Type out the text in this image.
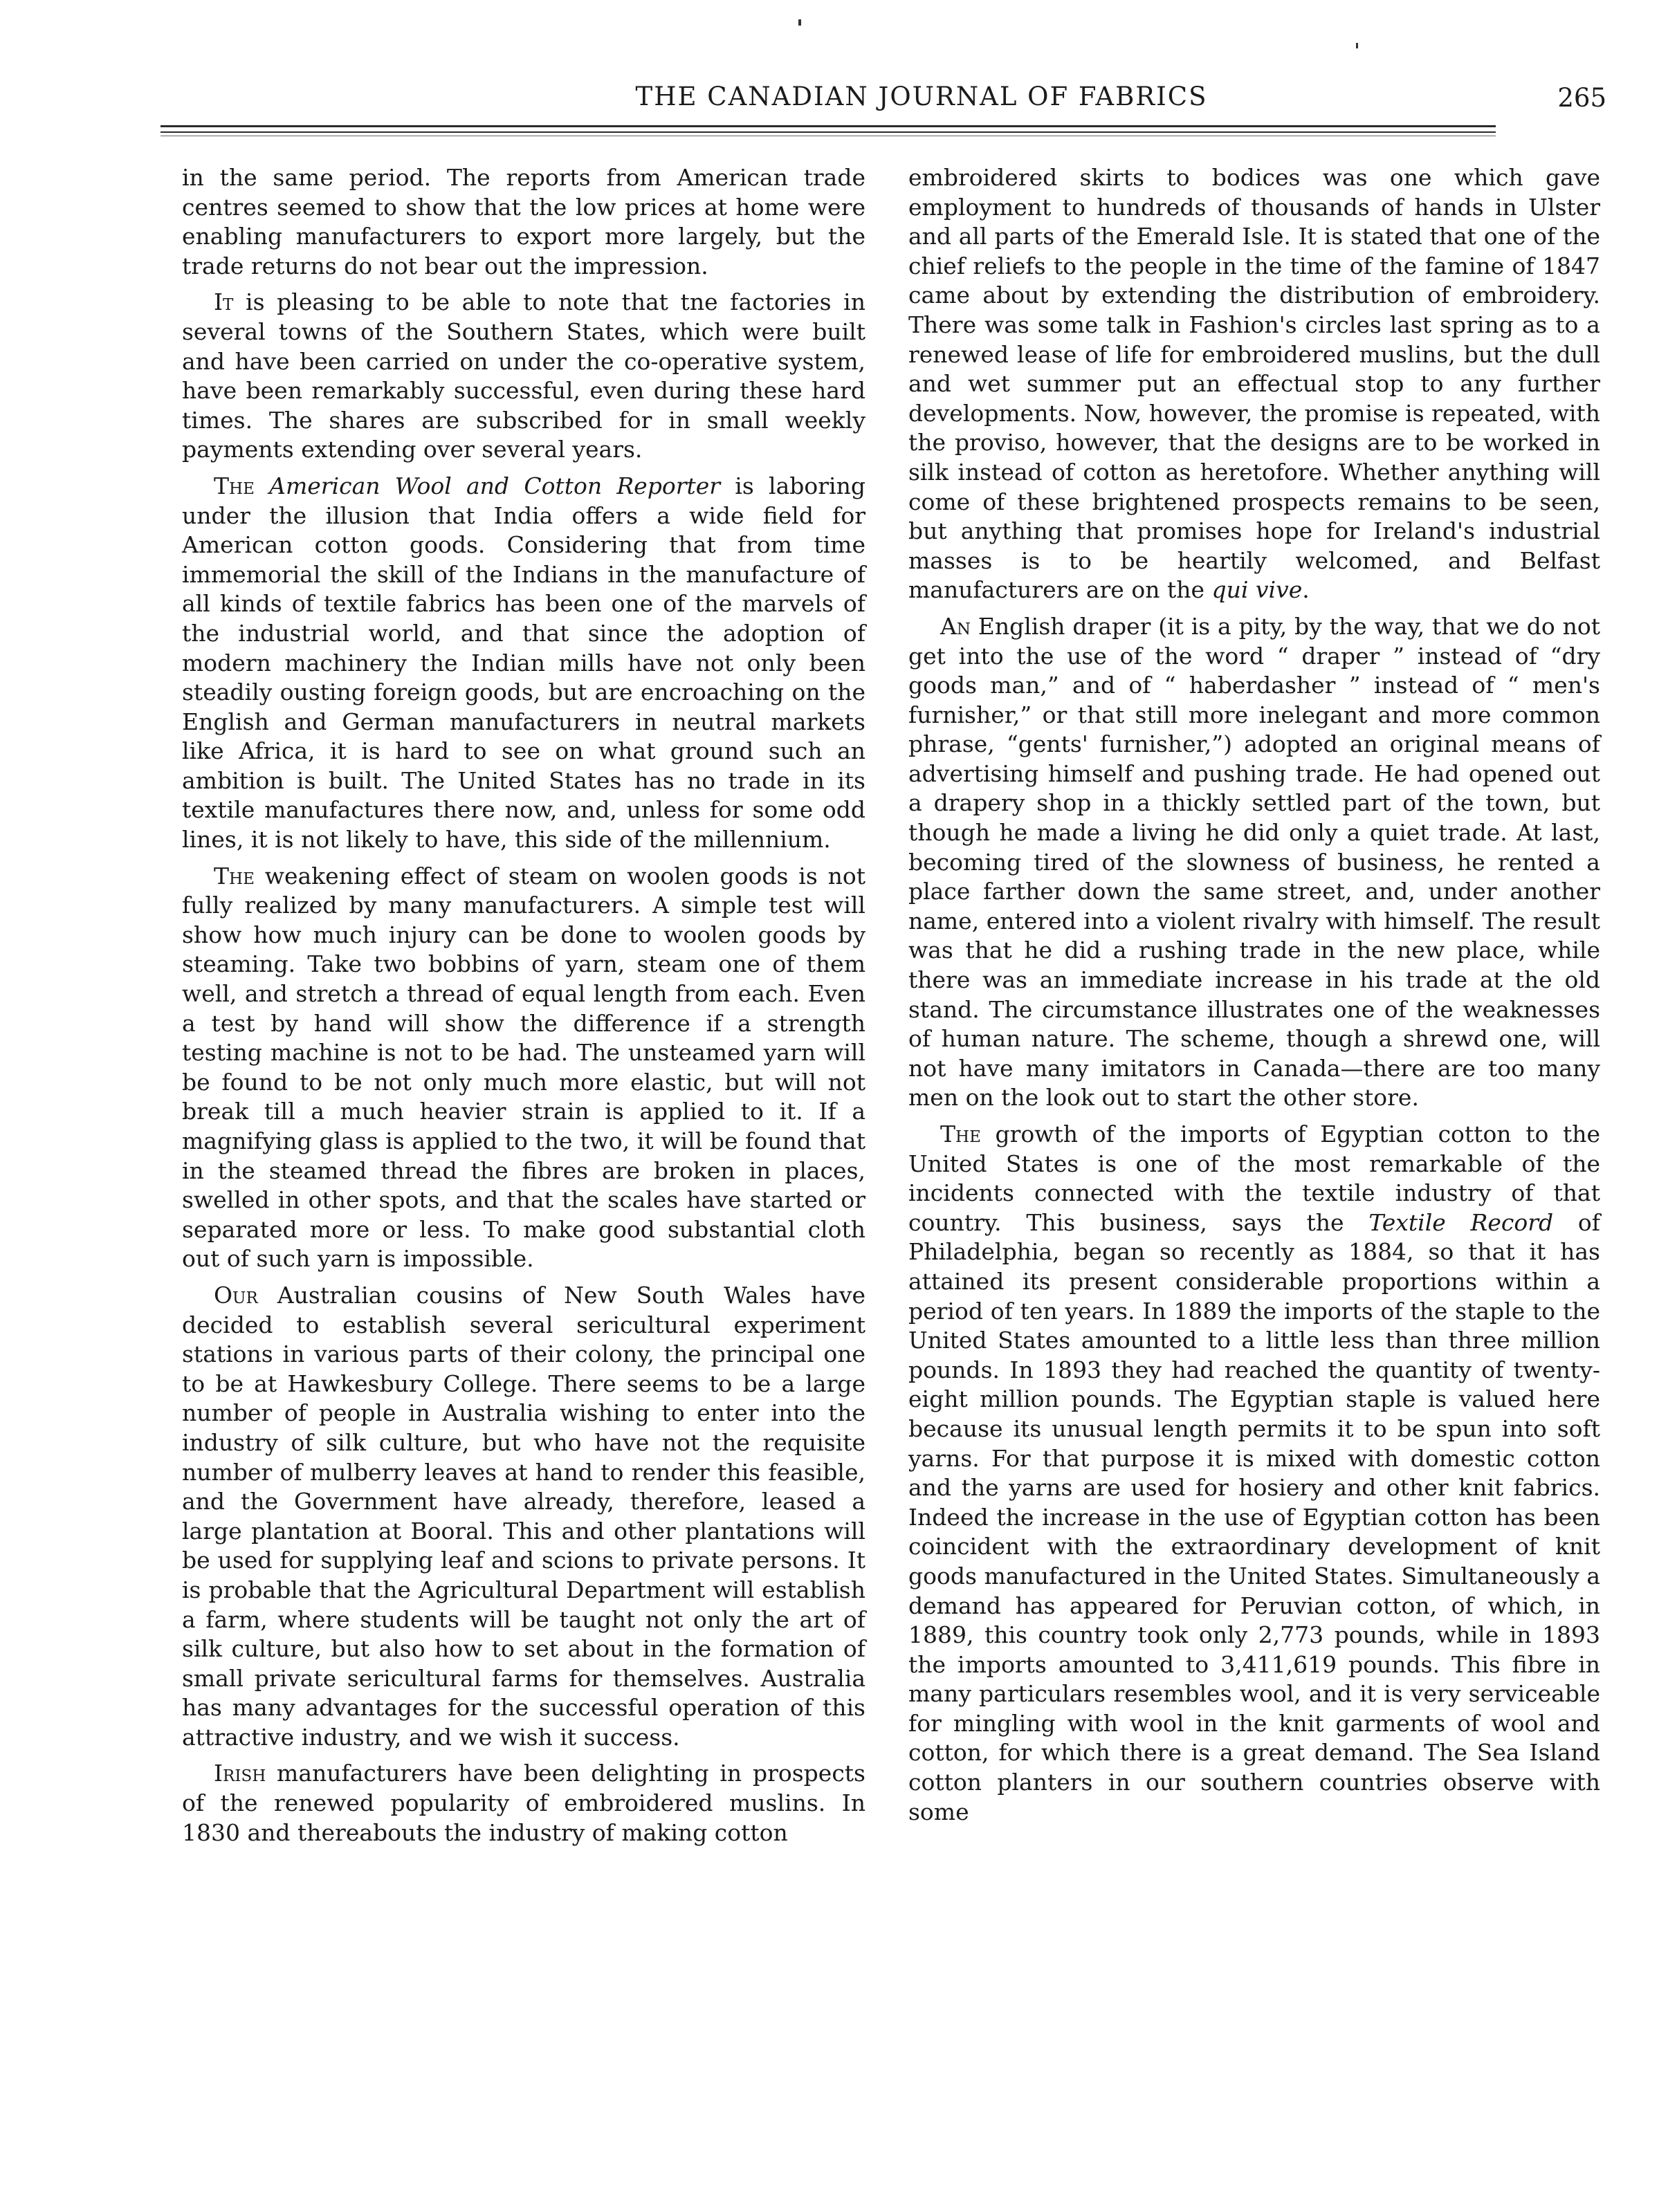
THE CANADIAN JOURNAL OF FABRICS	265

in the same period. The reports from American trade centres seemed to show that the low prices at home were enabling manufacturers to export more largely, but the trade returns do not bear out the impression.

It is pleasing to be able to note that tne factories in several towns of the Southern States, which were built and have been carried on under the co-operative system, have been remarkably successful, even during these hard times. The shares are subscribed for in small weekly payments extending over several years.

The American Wool and Cotton Reporter is laboring under the illusion that India offers a wide field for American cotton goods. Considering that from time immemorial the skill of the Indians in the manufacture of all kinds of textile fabrics has been one of the marvels of the industrial world, and that since the adoption of modern machinery the Indian mills have not only been steadily ousting foreign goods, but are encroaching on the English and German manufacturers in neutral markets like Africa, it is hard to see on what ground such an ambition is built. The United States has no trade in its textile manufactures there now, and, unless for some odd lines, it is not likely to have, this side of the millennium.

The weakening effect of steam on woolen goods is not fully realized by many manufacturers. A simple test will show how much injury can be done to woolen goods by steaming. Take two bobbins of yarn, steam one of them well, and stretch a thread of equal length from each. Even a test by hand will show the difference if a strength testing machine is not to be had. The unsteamed yarn will be found to be not only much more elastic, but will not break till a much heavier strain is applied to it. If a magnifying glass is applied to the two, it will be found that in the steamed thread the fibres are broken in places, swelled in other spots, and that the scales have started or separated more or less. To make good substantial cloth out of such yarn is impossible.

Our Australian cousins of New South Wales have decided to establish several sericultural experiment stations in various parts of their colony, the principal one to be at Hawkesbury College. There seems to be a large number of people in Australia wishing to enter into the industry of silk culture, but who have not the requisite number of mulberry leaves at hand to render this feasible, and the Government have already, therefore, leased a large plantation at Booral. This and other plantations will be used for supplying leaf and scions to private persons. It is probable that the Agricultural Department will establish a farm, where students will be taught not only the art of silk culture, but also how to set about in the formation of small private sericultural farms for themselves. Australia has many advantages for the successful operation of this attractive industry, and we wish it success.

Irish manufacturers have been delighting in prospects of the renewed popularity of embroidered muslins. In 1830 and thereabouts the industry of making cotton

embroidered skirts to bodices was one which gave employment to hundreds of thousands of hands in Ulster and all parts of the Emerald Isle. It is stated that one of the chief reliefs to the people in the time of the famine of 1847 came about by extending the distribution of embroidery. There was some talk in Fashion's circles last spring as to a renewed lease of life for embroidered muslins, but the dull and wet summer put an effectual stop to any further developments. Now, however, the promise is repeated, with the proviso, however, that the designs are to be worked in silk instead of cotton as heretofore. Whether anything will come of these brightened prospects remains to be seen, but anything that promises hope for Ireland's industrial masses is to be heartily welcomed, and Belfast manufacturers are on the qui vive.

An English draper (it is a pity, by the way, that we do not get into the use of the word “ draper ” instead of “dry goods man,” and of “ haberdasher ” instead of “ men's furnisher,” or that still more inelegant and more common phrase, “gents' furnisher,”) adopted an original means of advertising himself and pushing trade. He had opened out a drapery shop in a thickly settled part of the town, but though he made a living he did only a quiet trade. At last, becoming tired of the slowness of business, he rented a place farther down the same street, and, under another name, entered into a violent rivalry with himself. The result was that he did a rushing trade in the new place, while there was an immediate increase in his trade at the old stand. The circumstance illustrates one of the weaknesses of human nature. The scheme, though a shrewd one, will not have many imitators in Canada—there are too many men on the look out to start the other store.

The growth of the imports of Egyptian cotton to the United States is one of the most remarkable of the incidents connected with the textile industry of that country. This business, says the Textile Record of Philadelphia, began so recently as 1884, so that it has attained its present considerable proportions within a period of ten years. In 1889 the imports of the staple to the United States amounted to a little less than three million pounds. In 1893 they had reached the quantity of twenty-eight million pounds. The Egyptian staple is valued here because its unusual length permits it to be spun into soft yarns. For that purpose it is mixed with domestic cotton and the yarns are used for hosiery and other knit fabrics. Indeed the increase in the use of Egyptian cotton has been coincident with the extraordinary development of knit goods manufactured in the United States. Simultaneously a demand has appeared for Peruvian cotton, of which, in 1889, this country took only 2,773 pounds, while in 1893 the imports amounted to 3,411,619 pounds. This fibre in many particulars resembles wool, and it is very serviceable for mingling with wool in the knit garments of wool and cotton, for which there is a great demand. The Sea Island cotton planters in our southern countries observe with some
